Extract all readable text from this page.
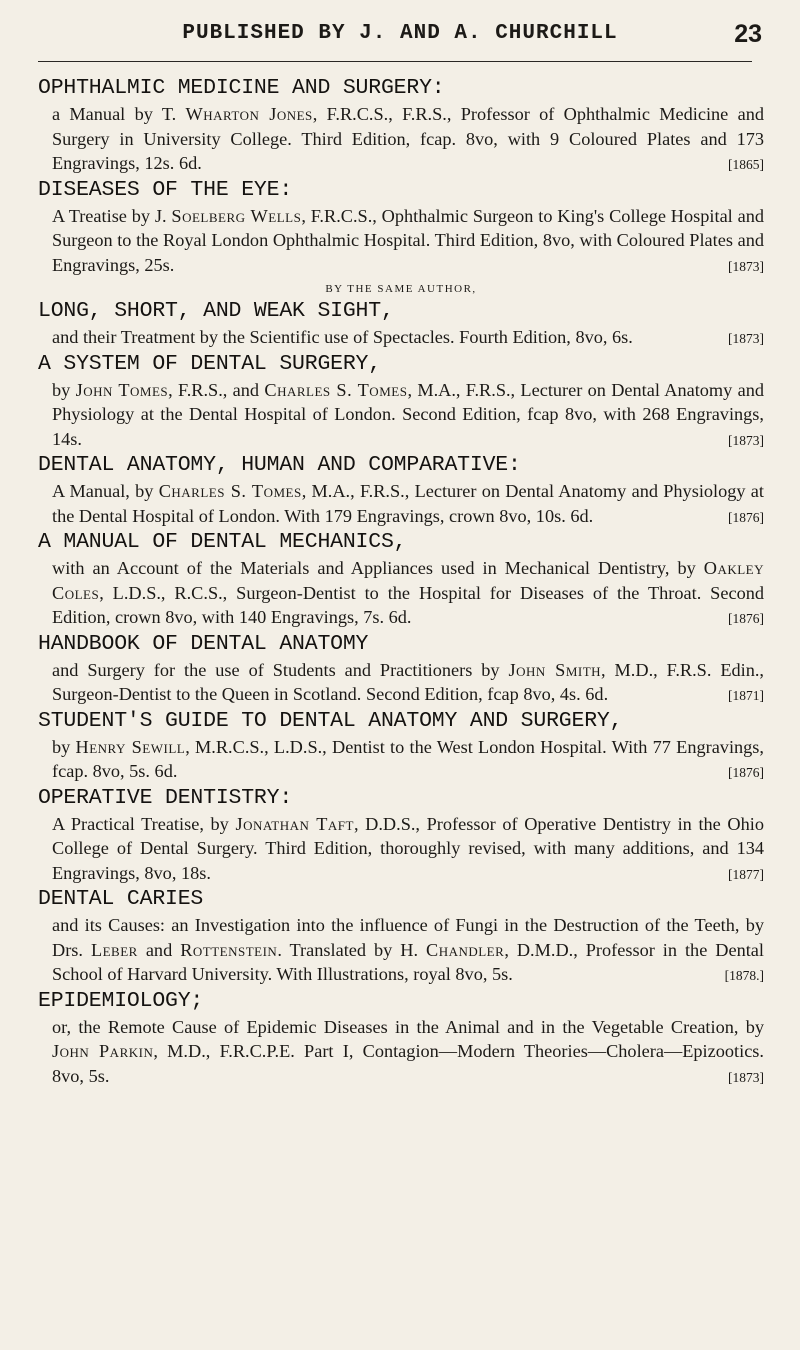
PUBLISHED BY J. AND A. CHURCHILL	23
OPHTHALMIC MEDICINE AND SURGERY:
a Manual by T. Wharton Jones, F.R.C.S., F.R.S., Professor of Ophthalmic Medicine and Surgery in University College. Third Edition, fcap. 8vo, with 9 Coloured Plates and 173 Engravings, 12s. 6d.	[1865]
DISEASES OF THE EYE:
A Treatise by J. Soelberg Wells, F.R.C.S., Ophthalmic Surgeon to King's College Hospital and Surgeon to the Royal London Ophthalmic Hospital. Third Edition, 8vo, with Coloured Plates and Engravings, 25s.	[1873]
BY THE SAME AUTHOR,
LONG, SHORT, AND WEAK SIGHT,
and their Treatment by the Scientific use of Spectacles. Fourth Edition, 8vo, 6s.	[1873]
A SYSTEM OF DENTAL SURGERY,
by John Tomes, F.R.S., and Charles S. Tomes, M.A., F.R.S., Lecturer on Dental Anatomy and Physiology at the Dental Hospital of London. Second Edition, fcap 8vo, with 268 Engravings, 14s.	[1873]
DENTAL ANATOMY, HUMAN AND COMPARATIVE:
A Manual, by Charles S. Tomes, M.A., F.R.S., Lecturer on Dental Anatomy and Physiology at the Dental Hospital of London. With 179 Engravings, crown 8vo, 10s. 6d.	[1876]
A MANUAL OF DENTAL MECHANICS,
with an Account of the Materials and Appliances used in Mechanical Dentistry, by Oakley Coles, L.D.S., R.C.S., Surgeon-Dentist to the Hospital for Diseases of the Throat. Second Edition, crown 8vo, with 140 Engravings, 7s. 6d.	[1876]
HANDBOOK OF DENTAL ANATOMY
and Surgery for the use of Students and Practitioners by John Smith, M.D., F.R.S. Edin., Surgeon-Dentist to the Queen in Scotland. Second Edition, fcap 8vo, 4s. 6d.	[1871]
STUDENT'S GUIDE TO DENTAL ANATOMY AND SURGERY,
by Henry Sewill, M.R.C.S., L.D.S., Dentist to the West London Hospital. With 77 Engravings, fcap. 8vo, 5s. 6d.	[1876]
OPERATIVE DENTISTRY:
A Practical Treatise, by Jonathan Taft, D.D.S., Professor of Operative Dentistry in the Ohio College of Dental Surgery. Third Edition, thoroughly revised, with many additions, and 134 Engravings, 8vo, 18s.	[1877]
DENTAL CARIES
and its Causes: an Investigation into the influence of Fungi in the Destruction of the Teeth, by Drs. Leber and Rottenstein. Translated by H. Chandler, D.M.D., Professor in the Dental School of Harvard University. With Illustrations, royal 8vo, 5s.	[1878.]
EPIDEMIOLOGY;
or, the Remote Cause of Epidemic Diseases in the Animal and in the Vegetable Creation, by John Parkin, M.D., F.R.C.P.E. Part I, Contagion—Modern Theories—Cholera—Epizootics. 8vo, 5s.	[1873]
